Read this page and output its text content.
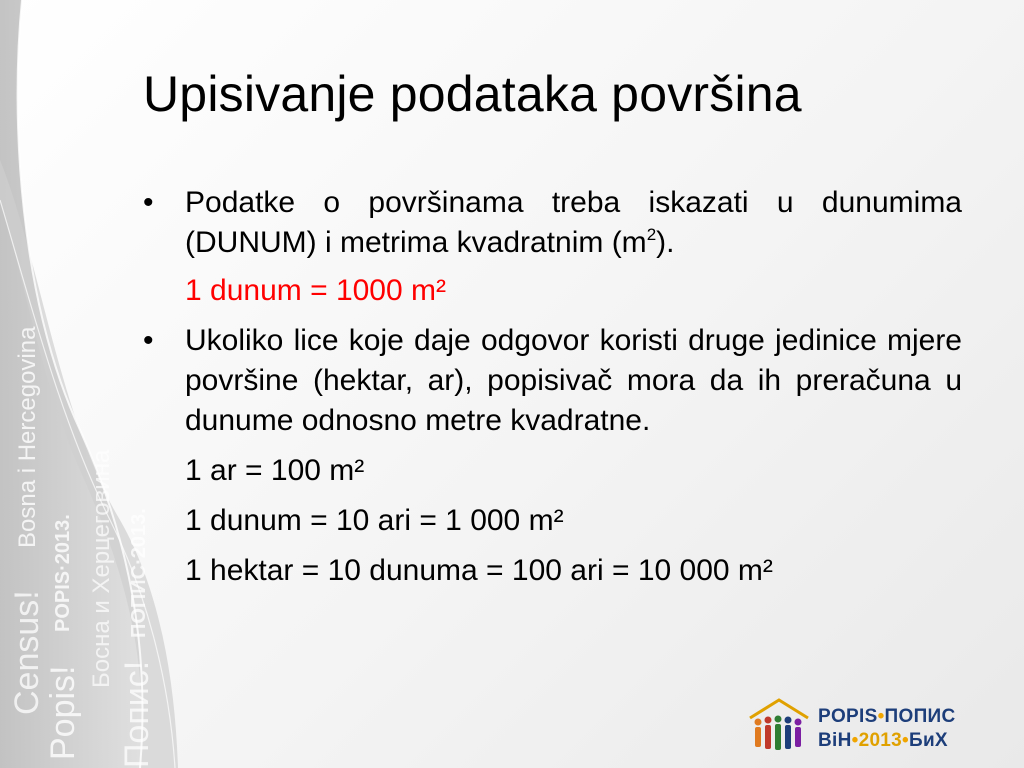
Census!
Bosna i Hercegovina
Popis!
POPIS·2013. Босна и Херцеговина
Попис!
ПОПИС·2013.
Upisivanje podataka površina
•	Podatke o površinama treba iskazati u dunumima (DUNUM) i metrima kvadratnim $(m^2)$.
1 dunum = 1000 m²
•	Ukoliko lice koje daje odgovor koristi druge jedinice mjere površine (hektar, ar), popisivač mora da ih preračuna u dunume odnosno metre kvadratne.
1 ar = 100 m²
1 dunum = 10 ari = 1 000 m²
1 hektar = 10 dunuma = 100 ari = 10 000 m²
POPIS•ПОПИС
BiH•2013•БиХ
